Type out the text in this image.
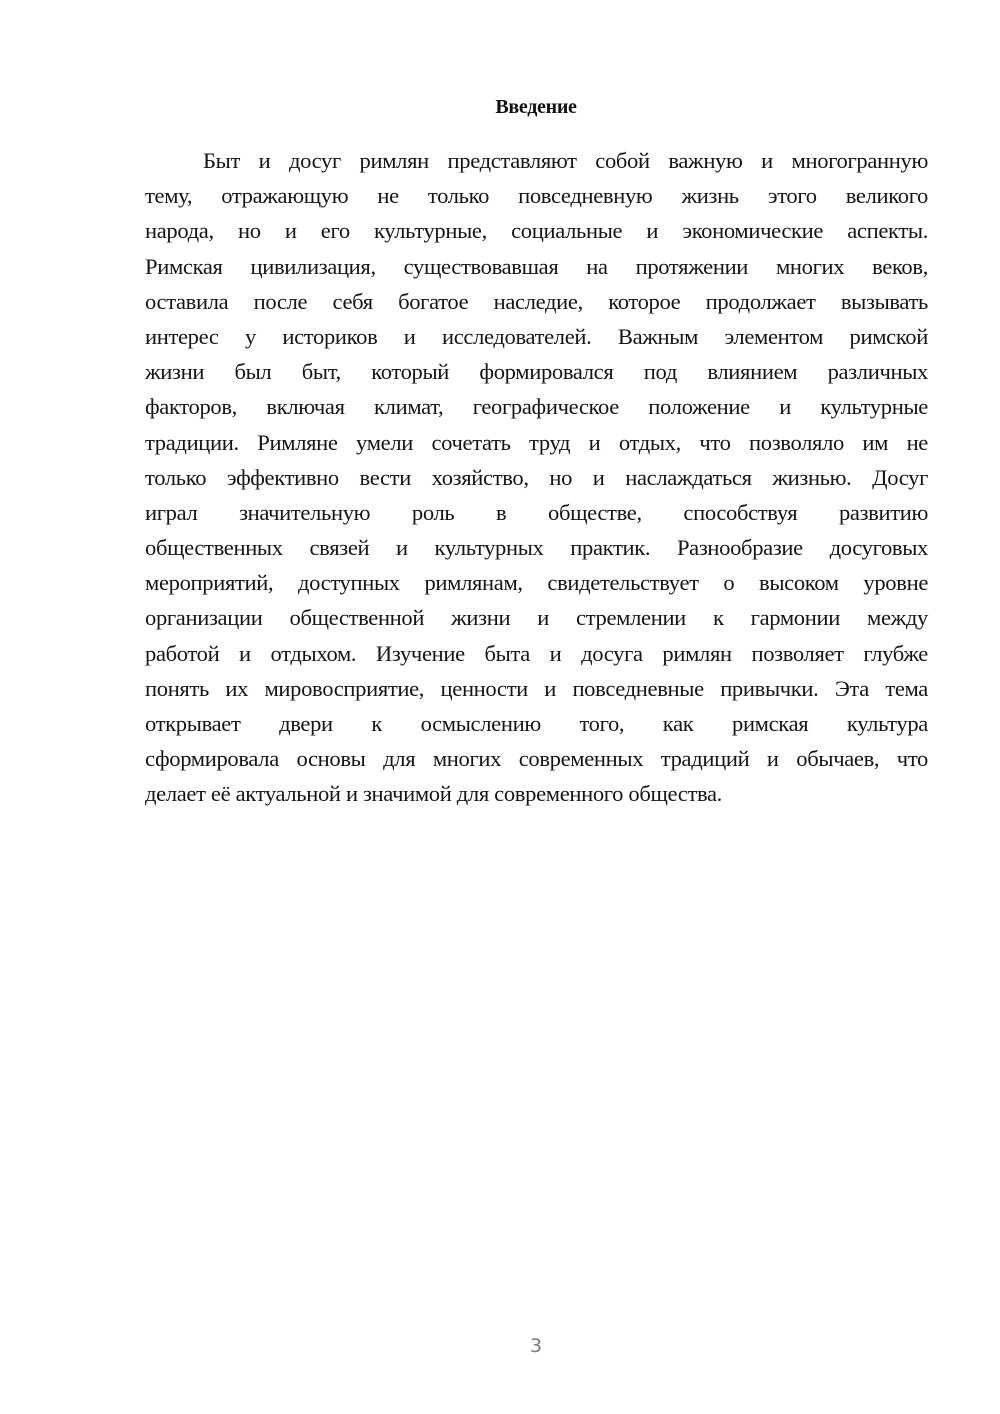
Введение
Быт и досуг римлян представляют собой важную и многогранную
тему, отражающую не только повседневную жизнь этого великого
народа, но и его культурные, социальные и экономические аспекты.
Римская цивилизация, существовавшая на протяжении многих веков,
оставила после себя богатое наследие, которое продолжает вызывать
интерес у историков и исследователей. Важным элементом римской
жизни был быт, который формировался под влиянием различных
факторов, включая климат, географическое положение и культурные
традиции. Римляне умели сочетать труд и отдых, что позволяло им не
только эффективно вести хозяйство, но и наслаждаться жизнью. Досуг
играл значительную роль в обществе, способствуя развитию
общественных связей и культурных практик. Разнообразие досуговых
мероприятий, доступных римлянам, свидетельствует о высоком уровне
организации общественной жизни и стремлении к гармонии между
работой и отдыхом. Изучение быта и досуга римлян позволяет глубже
понять их мировосприятие, ценности и повседневные привычки. Эта тема
открывает двери к осмыслению того, как римская культура
сформировала основы для многих современных традиций и обычаев, что
делает её актуальной и значимой для современного общества.
3
